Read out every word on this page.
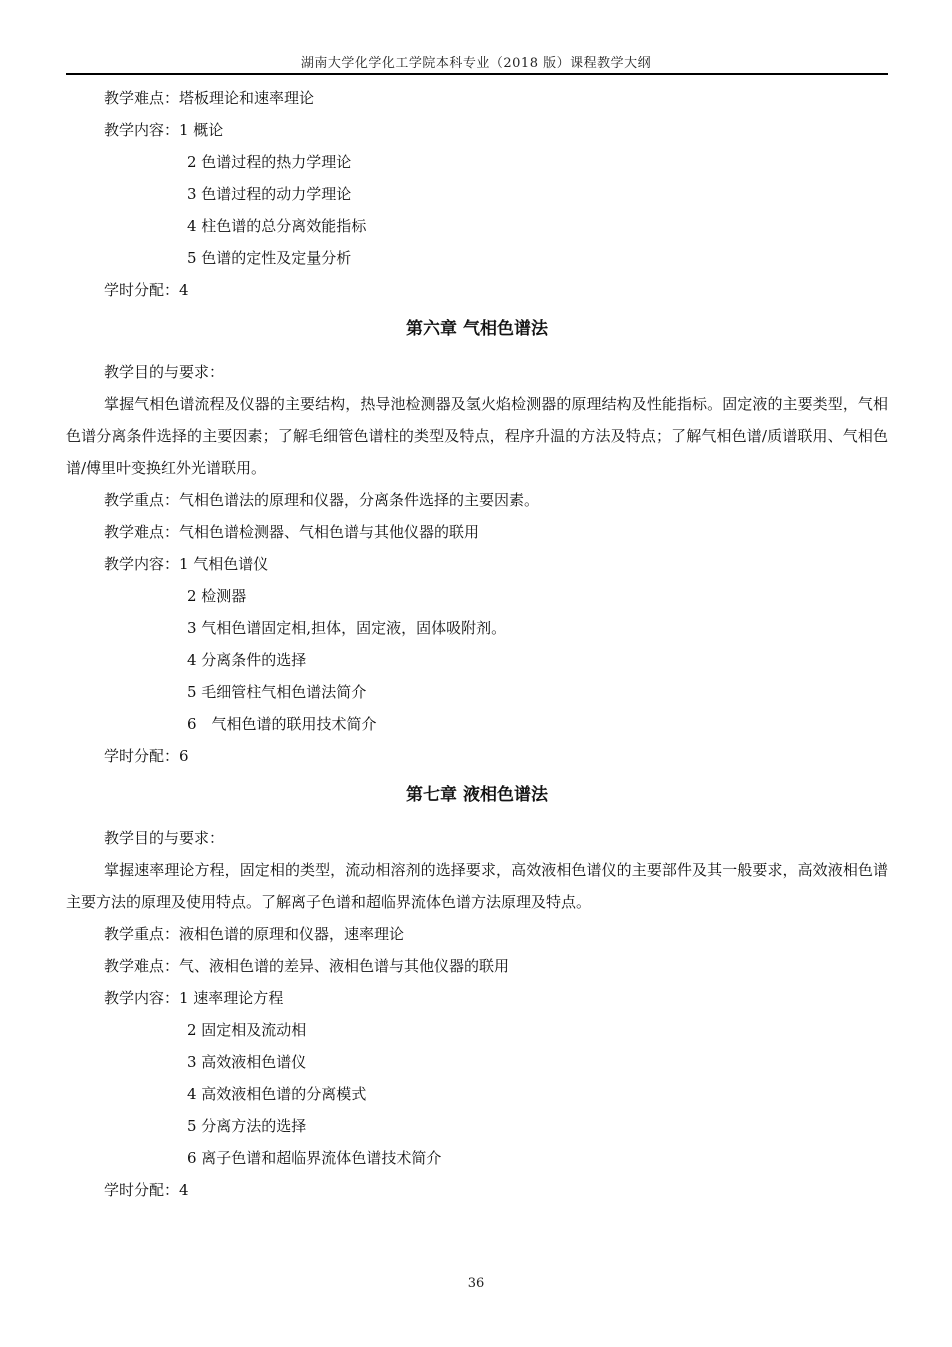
湖南大学化学化工学院本科专业（2018 版）课程教学大纲
教学难点：塔板理论和速率理论
教学内容：1 概论
2 色谱过程的热力学理论
3 色谱过程的动力学理论
4 柱色谱的总分离效能指标
5 色谱的定性及定量分析
学时分配：4
第六章 气相色谱法
教学目的与要求：
掌握气相色谱流程及仪器的主要结构，热导池检测器及氢火焰检测器的原理结构及性能指标。固定液的主要类型，气相色谱分离条件选择的主要因素；了解毛细管色谱柱的类型及特点，程序升温的方法及特点；了解气相色谱/质谱联用、气相色谱/傅里叶变换红外光谱联用。
教学重点：气相色谱法的原理和仪器，分离条件选择的主要因素。
教学难点：气相色谱检测器、气相色谱与其他仪器的联用
教学内容：1 气相色谱仪
2 检测器
3 气相色谱固定相,担体，固定液，固体吸附剂。
4 分离条件的选择
5 毛细管柱气相色谱法简介
6　气相色谱的联用技术简介
学时分配：6
第七章 液相色谱法
教学目的与要求：
掌握速率理论方程，固定相的类型，流动相溶剂的选择要求，高效液相色谱仪的主要部件及其一般要求，高效液相色谱主要方法的原理及使用特点。了解离子色谱和超临界流体色谱方法原理及特点。
教学重点：液相色谱的原理和仪器，速率理论
教学难点：气、液相色谱的差异、液相色谱与其他仪器的联用
教学内容：1 速率理论方程
2 固定相及流动相
3 高效液相色谱仪
4 高效液相色谱的分离模式
5 分离方法的选择
6 离子色谱和超临界流体色谱技术简介
学时分配：4
36
